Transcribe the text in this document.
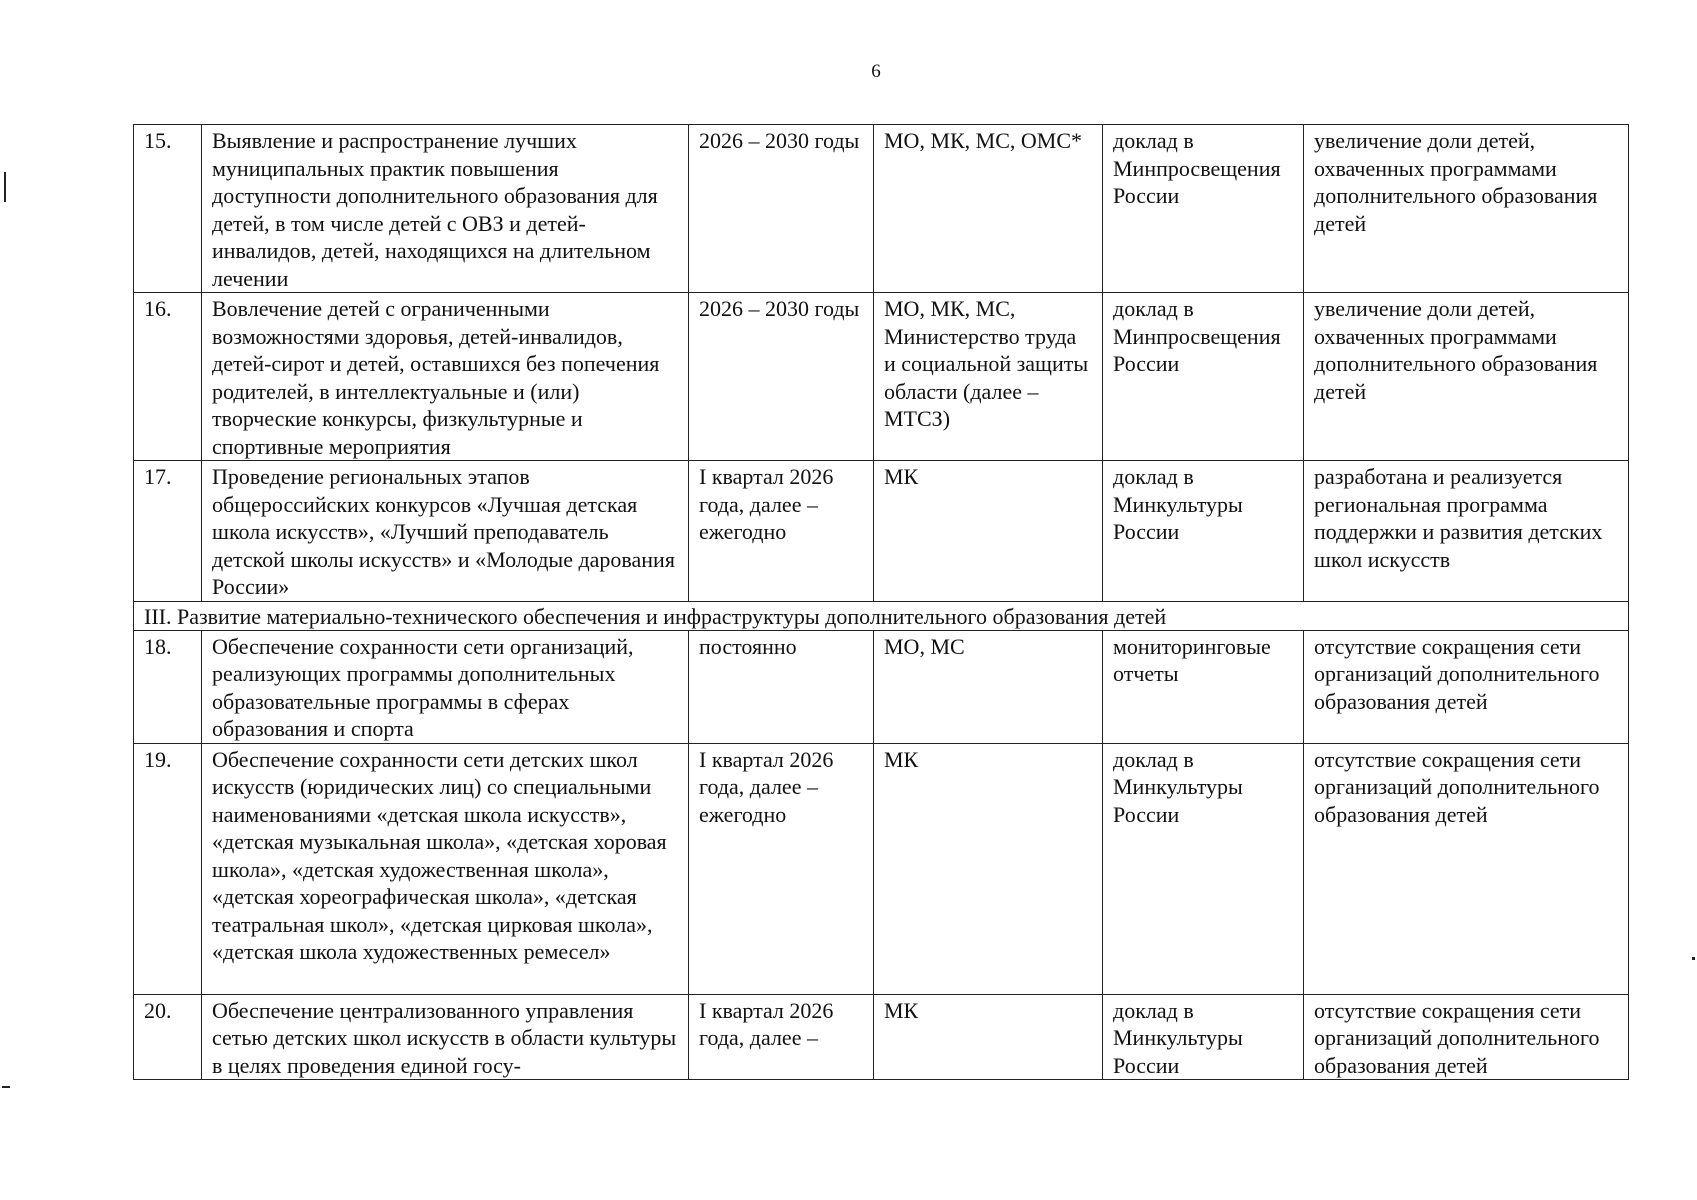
6
15.	Выявление и распространение лучших муниципальных практик повышения доступности дополнительного образования для детей, в том числе детей с ОВЗ и детей-инвалидов, детей, находящихся на длительном лечении	2026 – 2030 годы	МО, МК, МС, ОМС*	доклад в Минпросвещения России	увеличение доли детей, охваченных программами дополнительного образования детей
16.	Вовлечение детей с ограниченными возможностями здоровья, детей-инвалидов, детей-сирот и детей, оставшихся без попечения родителей, в интеллектуальные и (или) творческие конкурсы, физкультурные и спортивные мероприятия	2026 – 2030 годы	МО, МК, МС, Министерство труда и социальной защиты области (далее – МТСЗ)	доклад в Минпросвещения России	увеличение доли детей, охваченных программами дополнительного образования детей
17.	Проведение региональных этапов общероссийских конкурсов «Лучшая детская школа искусств», «Лучший преподаватель детской школы искусств» и «Молодые дарования России»	I квартал 2026 года, далее – ежегодно	МК	доклад в Минкультуры России	разработана и реализуется региональная программа поддержки и развития детских школ искусств
III. Развитие материально-технического обеспечения и инфраструктуры дополнительного образования детей					
18.	Обеспечение сохранности сети организаций, реализующих программы дополнительных образовательные программы в сферах образования и спорта	постоянно	МО, МС	мониторинговые отчеты	отсутствие сокращения сети организаций дополнительного образования детей
19.	Обеспечение сохранности сети детских школ искусств (юридических лиц) со специальными наименованиями «детская школа искусств», «детская музыкальная школа», «детская хоровая школа», «детская художественная школа», «детская хореографическая школа», «детская театральная школ», «детская цирковая школа», «детская школа художественных ремесел»	I квартал 2026 года, далее – ежегодно	МК	доклад в Минкультуры России	отсутствие сокращения сети организаций дополнительного образования детей
20.	Обеспечение централизованного управления сетью детских школ искусств в области культуры в целях проведения единой госу-	I квартал 2026 года, далее –	МК	доклад в Минкультуры России	отсутствие сокращения сети организаций дополнительного образования детей
